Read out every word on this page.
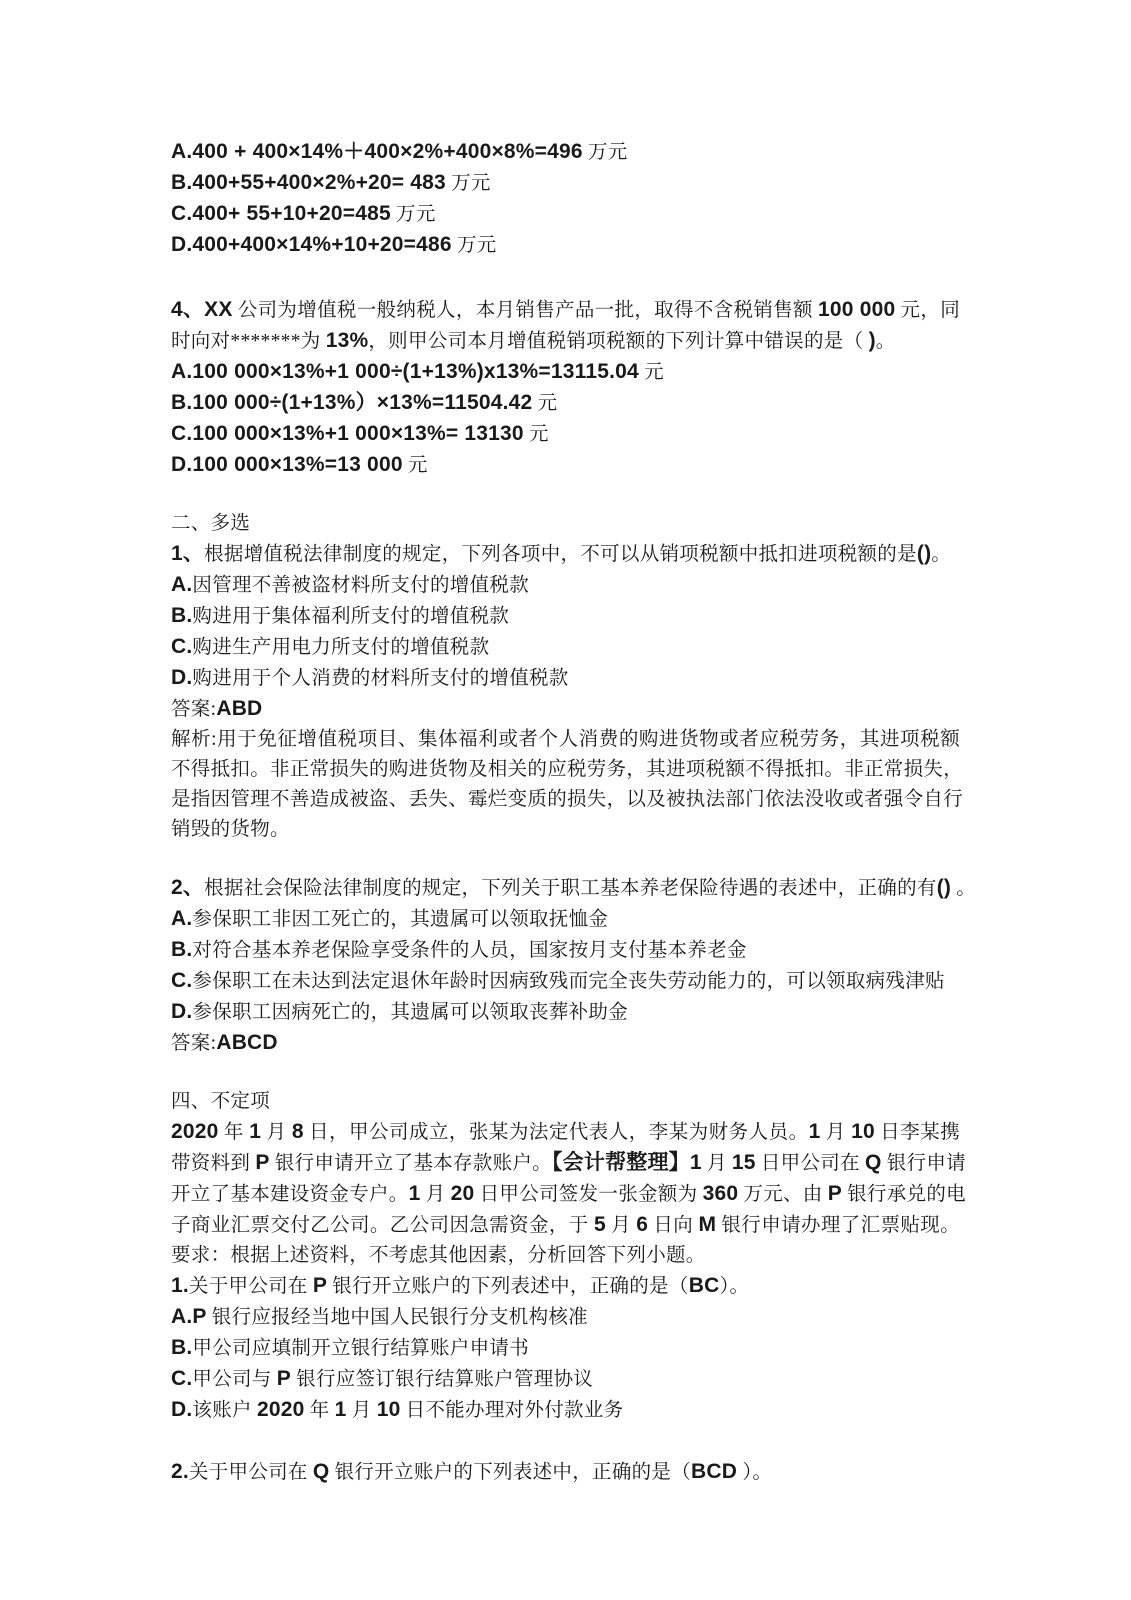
A.400 + 400×14%＋400×2%+400×8%=496 万元
B.400+55+400×2%+20= 483 万元
C.400+ 55+10+20=485 万元
D.400+400×14%+10+20=486 万元
4、XX 公司为增值税一般纳税人，本月销售产品一批，取得不含税销售额 100 000 元，同
时向对*******为 13%，则甲公司本月增值税销项税额的下列计算中错误的是（ )。
A.100 000×13%+1 000÷(1+13%)x13%=13115.04 元
B.100 000÷(1+13%）×13%=11504.42 元
C.100 000×13%+1 000×13%= 13130 元
D.100 000×13%=13 000 元
二、多选
1、根据增值税法律制度的规定，下列各项中，不可以从销项税额中抵扣进项税额的是()。
A.因管理不善被盗材料所支付的增值税款
B.购进用于集体福利所支付的增值税款
C.购进生产用电力所支付的增值税款
D.购进用于个人消费的材料所支付的增值税款
答案:ABD
解析:用于免征增值税项目、集体福利或者个人消费的购进货物或者应税劳务，其进项税额
不得抵扣。非正常损失的购进货物及相关的应税劳务，其进项税额不得抵扣。非正常损失，
是指因管理不善造成被盗、丢失、霉烂变质的损失，以及被执法部门依法没收或者强令自行
销毁的货物。
2、根据社会保险法律制度的规定，下列关于职工基本养老保险待遇的表述中，正确的有() 。
A.参保职工非因工死亡的，其遗属可以领取抚恤金
B.对符合基本养老保险享受条件的人员，国家按月支付基本养老金
C.参保职工在未达到法定退休年龄时因病致残而完全丧失劳动能力的，可以领取病残津贴
D.参保职工因病死亡的，其遗属可以领取丧葬补助金
答案:ABCD
四、不定项
2020 年 1 月 8 日，甲公司成立，张某为法定代表人，李某为财务人员。1 月 10 日李某携
带资料到 P 银行申请开立了基本存款账户。【会计帮整理】1 月 15 日甲公司在 Q 银行申请
开立了基本建设资金专户。1 月 20 日甲公司签发一张金额为 360 万元、由 P 银行承兑的电
子商业汇票交付乙公司。乙公司因急需资金，于 5 月 6 日向 M 银行申请办理了汇票贴现。
要求：根据上述资料，不考虑其他因素，分析回答下列小题。
1.关于甲公司在 P 银行开立账户的下列表述中，正确的是（BC）。
A.P 银行应报经当地中国人民银行分支机构核准
B.甲公司应填制开立银行结算账户申请书
C.甲公司与 P 银行应签订银行结算账户管理协议
D.该账户 2020 年 1 月 10 日不能办理对外付款业务
2.关于甲公司在 Q 银行开立账户的下列表述中，正确的是（BCD ）。
